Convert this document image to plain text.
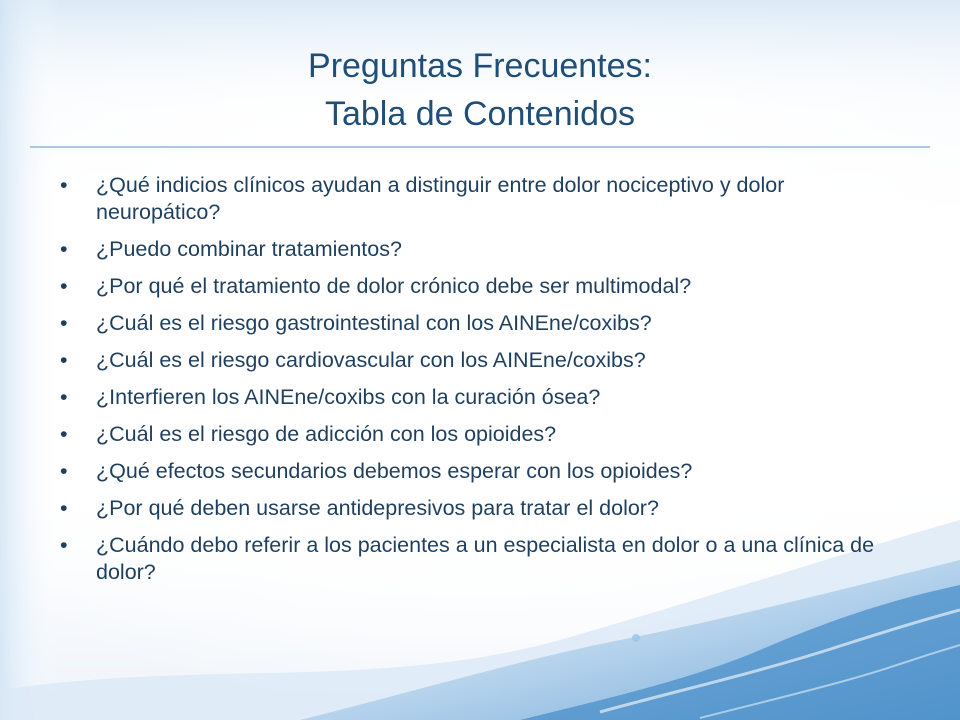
Preguntas Frecuentes:
Tabla de Contenidos
• ¿Qué indicios clínicos ayudan a distinguir entre dolor nociceptivo y dolor neuropático?
• ¿Puedo combinar tratamientos?
• ¿Por qué el tratamiento de dolor crónico debe ser multimodal?
• ¿Cuál es el riesgo gastrointestinal con los AINEne/coxibs?
• ¿Cuál es el riesgo cardiovascular con los AINEne/coxibs?
• ¿Interfieren los AINEne/coxibs con la curación ósea?
• ¿Cuál es el riesgo de adicción con los opioides?
• ¿Qué efectos secundarios debemos esperar con los opioides?
• ¿Por qué deben usarse antidepresivos para tratar el dolor?
• ¿Cuándo debo referir a los pacientes a un especialista en dolor o a una clínica de dolor?
